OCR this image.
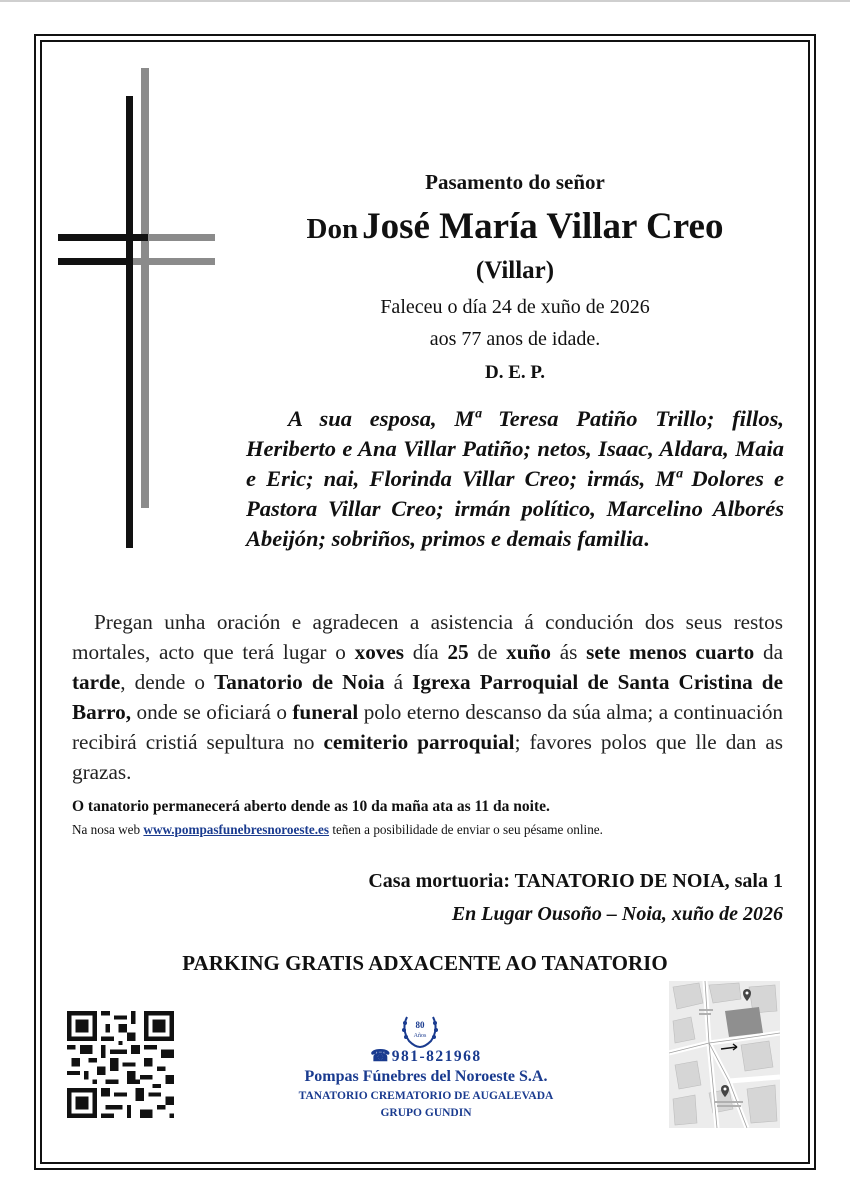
Pasamento do señor

Don José María Villar Creo

(Villar)

Faleceu o día 24 de xuño de 2026

aos 77 anos de idade.

D. E. P.

A sua esposa, Mª Teresa Patiño Trillo; fillos, Heriberto e Ana Villar Patiño; netos, Isaac, Aldara, Maia e Eric; nai, Florinda Villar Creo; irmás, Mª Dolores e Pastora Villar Creo; irmán político, Marcelino Alborés Abeijón; sobriños, primos e demais familia.

Pregan unha oración e agradecen a asistencia á condución dos seus restos mortales, acto que terá lugar o xoves día 25 de xuño ás sete menos cuarto da tarde, dende o Tanatorio de Noia á Igrexa Parroquial de Santa Cristina de Barro, onde se oficiará o funeral polo eterno descanso da súa alma; a continuación recibirá cristiá sepultura no cemiterio parroquial; favores polos que lle dan as grazas.

O tanatorio permanecerá aberto dende as 10 da maña ata as 11 da noite.

Na nosa web www.pompasfunebresnoroeste.es teñen a posibilidade de enviar o seu pésame online.

Casa mortuoria: TANATORIO DE NOIA, sala 1

En Lugar Ousoño – Noia, xuño de 2026

PARKING GRATIS ADXACENTE AO TANATORIO

80
Años

☎981-821968

Pompas Fúnebres del Noroeste S.A.

TANATORIO CREMATORIO DE AUGALEVADA

GRUPO GUNDIN
